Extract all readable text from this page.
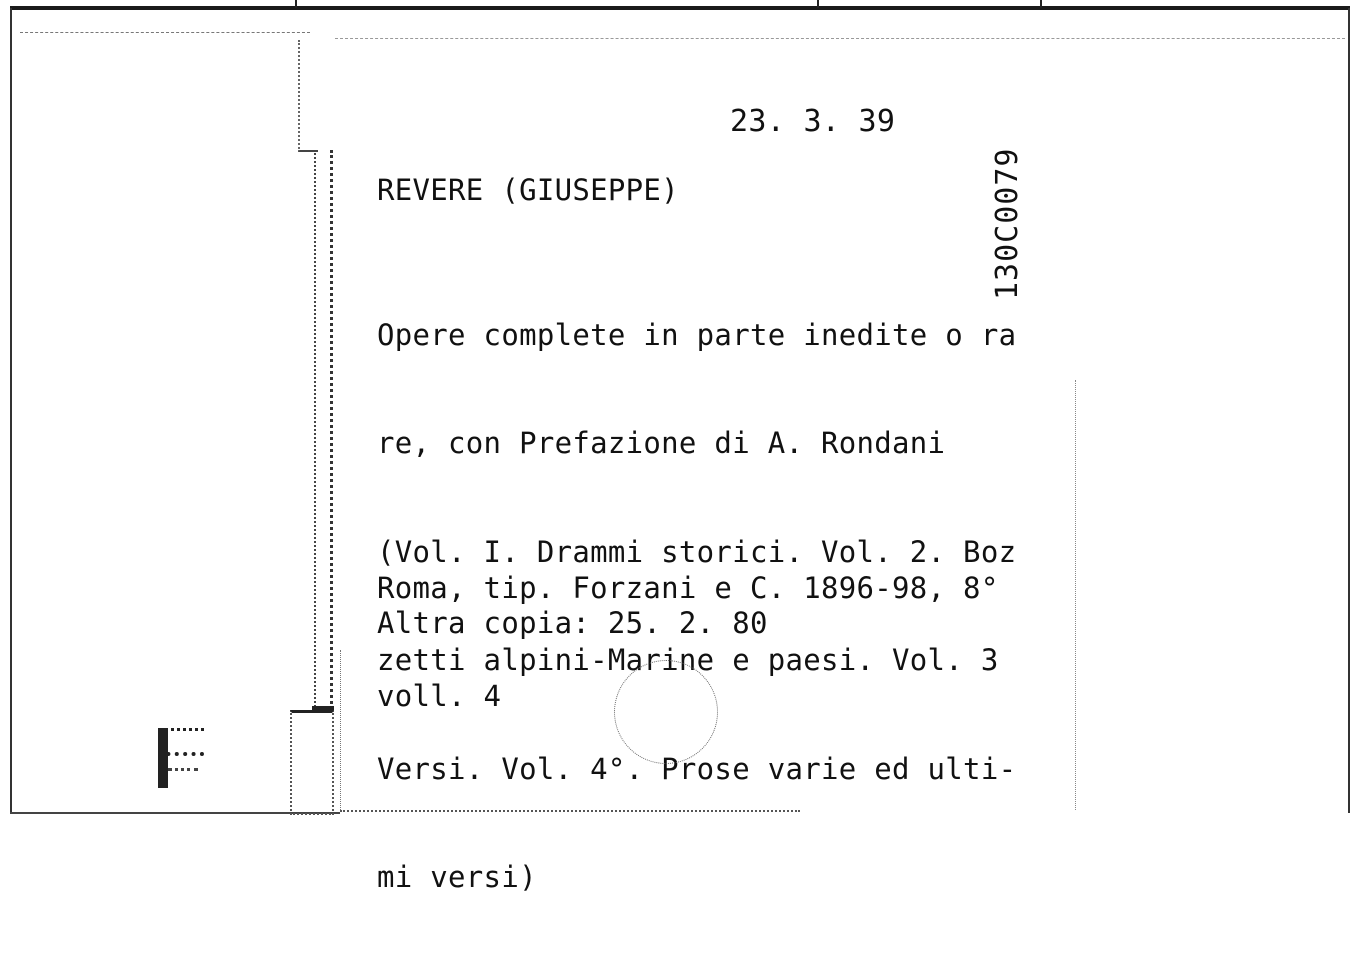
23. 3. 39
REVERE (GIUSEPPE)

Opere complete in parte inedite o ra

re, con Prefazione di A. Rondani

(Vol. I. Drammi storici. Vol. 2. Boz

zetti alpini-Marine e paesi. Vol. 3

Versi. Vol. 4°. Prose varie ed ulti-

mi versi)

Roma, tip. Forzani e C. 1896-98, 8°

voll. 4

Altra copia: 25. 2. 80
130C0079
